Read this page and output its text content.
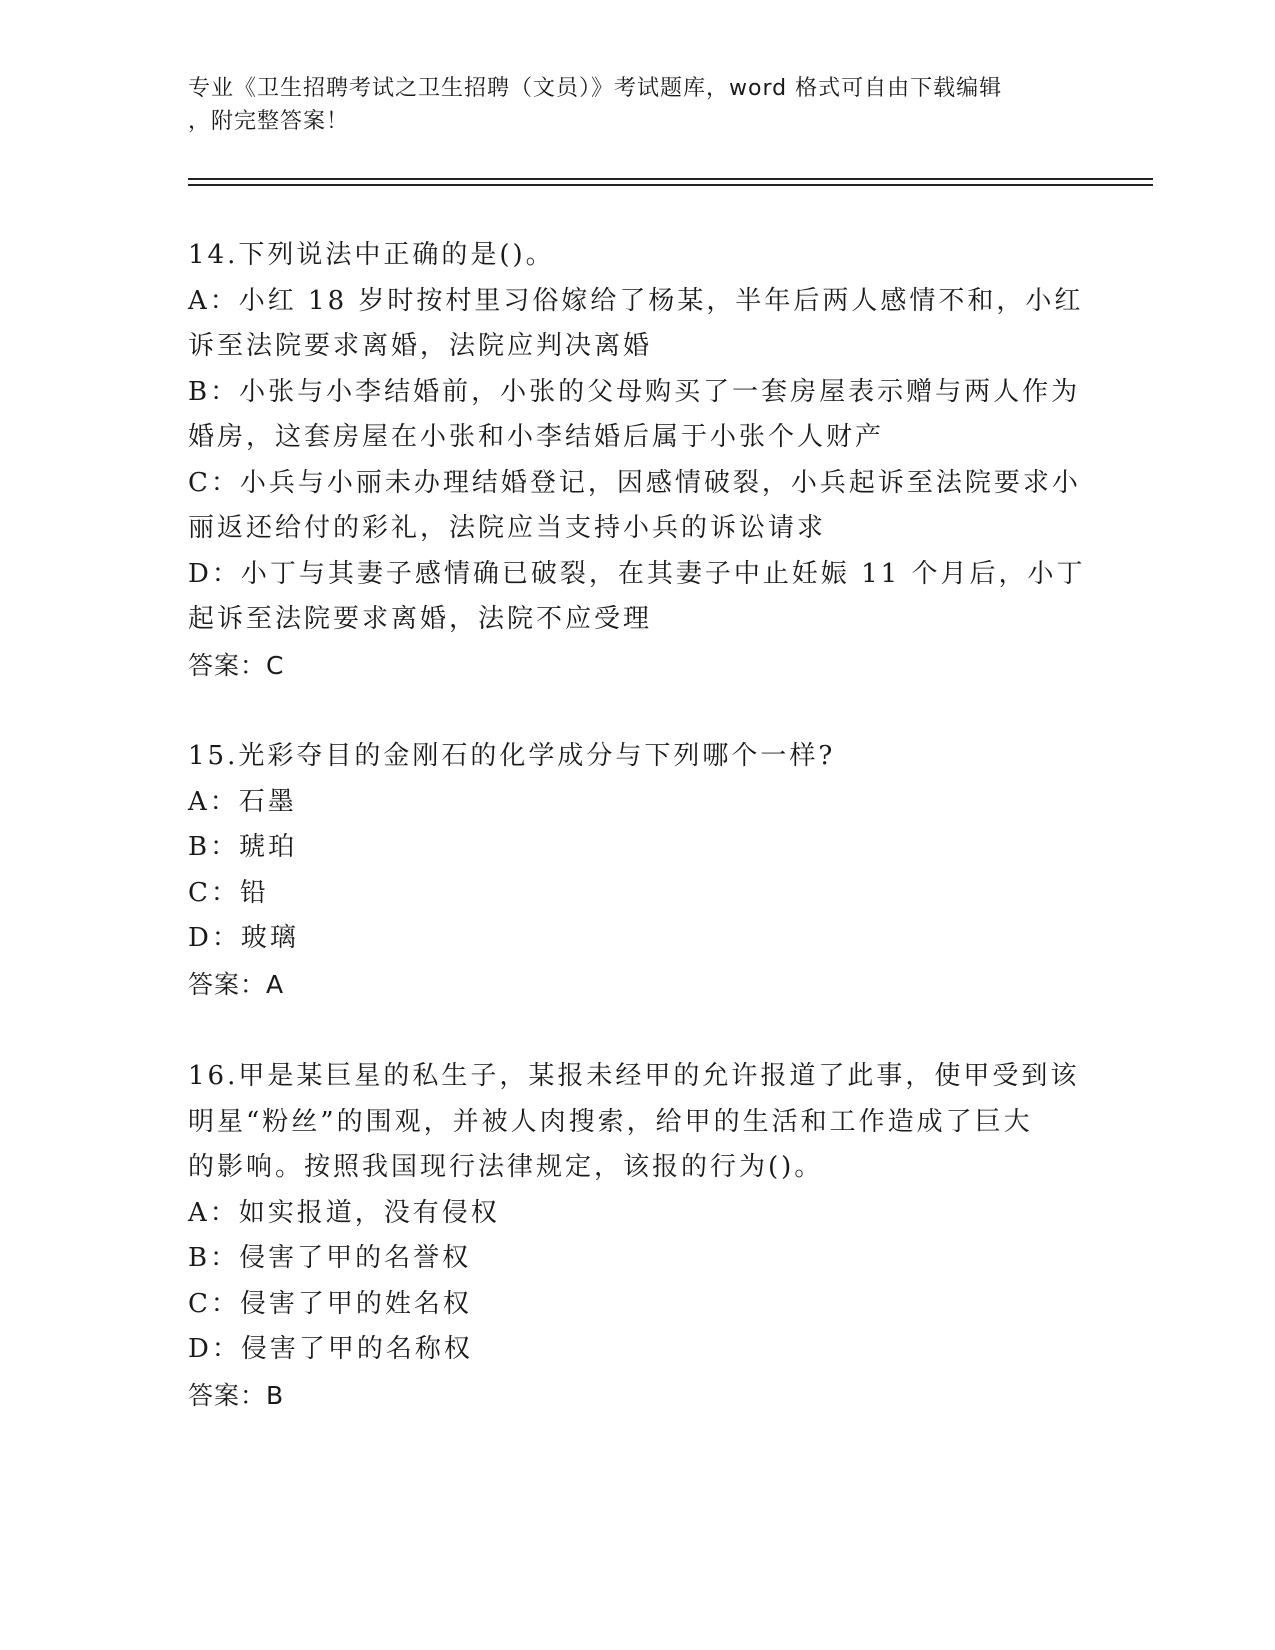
专业《卫生招聘考试之卫生招聘（文员）》考试题库，word 格式可自由下载编辑
，附完整答案！
14.下列说法中正确的是()。
A：小红 18 岁时按村里习俗嫁给了杨某，半年后两人感情不和，小红
诉至法院要求离婚，法院应判决离婚
B：小张与小李结婚前，小张的父母购买了一套房屋表示赠与两人作为
婚房，这套房屋在小张和小李结婚后属于小张个人财产
C：小兵与小丽未办理结婚登记，因感情破裂，小兵起诉至法院要求小
丽返还给付的彩礼，法院应当支持小兵的诉讼请求
D：小丁与其妻子感情确已破裂，在其妻子中止妊娠 11 个月后，小丁
起诉至法院要求离婚，法院不应受理
答案：C
15.光彩夺目的金刚石的化学成分与下列哪个一样?
A：石墨
B：琥珀
C：铅
D：玻璃
答案：A
16.甲是某巨星的私生子，某报未经甲的允许报道了此事，使甲受到该
明星“粉丝”的围观，并被人肉搜索，给甲的生活和工作造成了巨大
的影响。按照我国现行法律规定，该报的行为()。
A：如实报道，没有侵权
B：侵害了甲的名誉权
C：侵害了甲的姓名权
D：侵害了甲的名称权
答案：B
